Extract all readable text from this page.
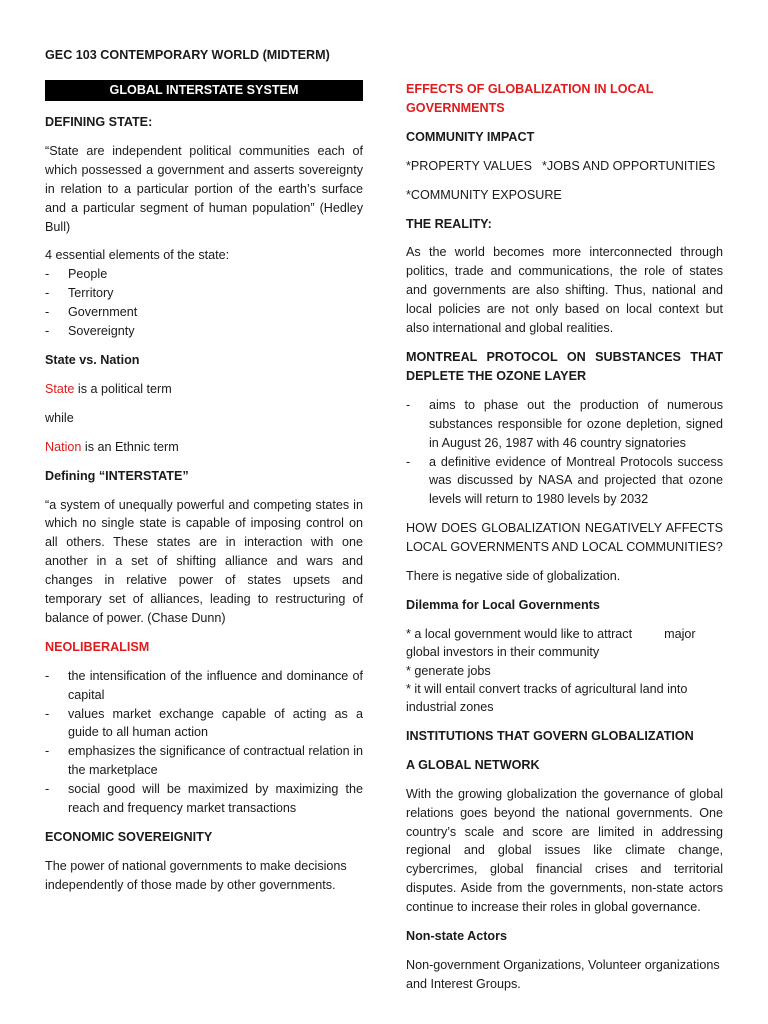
GEC 103 CONTEMPORARY WORLD (MIDTERM)
GLOBAL INTERSTATE SYSTEM
DEFINING STATE:

“State are independent political communities each of which possessed a government and asserts sovereignty in relation to a particular portion of the earth’s surface and a particular segment of human population” (Hedley Bull)

4 essential elements of the state:
- People
- Territory
- Government
- Sovereignty
State vs. Nation

State is a political term

while

Nation is an Ethnic term

Defining “INTERSTATE”

“a system of unequally powerful and competing states in which no single state is capable of imposing control on all others. These states are in interaction with one another in a set of shifting alliance and wars and changes in relative power of states upsets and temporary set of alliances, leading to restructuring of balance of power. (Chase Dunn)

NEOLIBERALISM
- the intensification of the influence and dominance of capital
- values market exchange capable of acting as a guide to all human action
- emphasizes the significance of contractual relation in the marketplace
- social good will be maximized by maximizing the reach and frequency market transactions
ECONOMIC SOVEREIGNITY

The power of national governments to make decisions independently of those made by other governments.

EFFECTS OF GLOBALIZATION IN LOCAL GOVERNMENTS
COMMUNITY IMPACT

*PROPERTY VALUES *JOBS AND OPPORTUNITIES

*COMMUNITY EXPOSURE

THE REALITY:

As the world becomes more interconnected through politics, trade and communications, the role of states and governments are also shifting. Thus, national and local policies are not only based on local context but also international and global realities.

MONTREAL PROTOCOL ON SUBSTANCES THAT DEPLETE THE OZONE LAYER
- aims to phase out the production of numerous substances responsible for ozone depletion, signed in August 26, 1987 with 46 country signatories
- a definitive evidence of Montreal Protocols success was discussed by NASA and projected that ozone levels will return to 1980 levels by 2032

HOW DOES GLOBALIZATION NEGATIVELY AFFECTS LOCAL GOVERNMENTS AND LOCAL COMMUNITIES?

There is negative side of globalization.

Dilemma for Local Governments

* a local government would like to attract	major
global investors in their community
* generate jobs
* it will entail convert tracks of agricultural land into industrial zones

INSTITUTIONS THAT GOVERN GLOBALIZATION
A GLOBAL NETWORK

With the growing globalization the governance of global relations goes beyond the national governments. One country’s scale and score are limited in addressing regional and global issues like climate change, cybercrimes, global financial crises and territorial disputes. Aside from the governments, non-state actors continue to increase their roles in global governance.

Non-state Actors

Non-government Organizations, Volunteer organizations and Interest Groups.
